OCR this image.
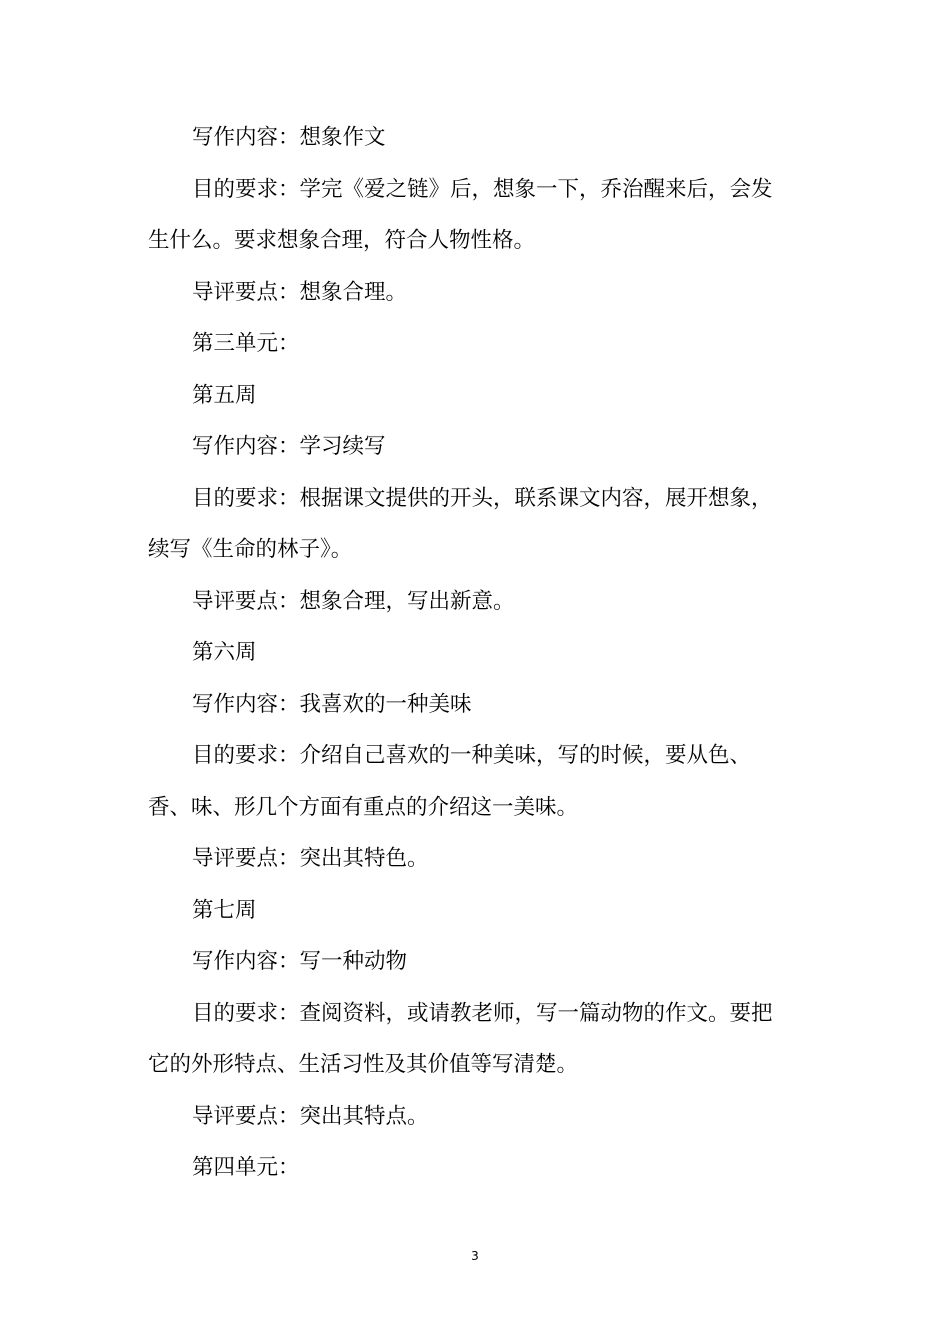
写作内容：想象作文
目的要求：学完《爱之链》后，想象一下，乔治醒来后，会发
生什么。要求想象合理，符合人物性格。
导评要点：想象合理。
第三单元：
第五周
写作内容：学习续写
目的要求：根据课文提供的开头，联系课文内容，展开想象，
续写《生命的林子》。
导评要点：想象合理，写出新意。
第六周
写作内容：我喜欢的一种美味
目的要求：介绍自己喜欢的一种美味，写的时候，要从色、
香、味、形几个方面有重点的介绍这一美味。
导评要点：突出其特色。
第七周
写作内容：写一种动物
目的要求：查阅资料，或请教老师，写一篇动物的作文。要把
它的外形特点、生活习性及其价值等写清楚。
导评要点：突出其特点。
第四单元：
3
